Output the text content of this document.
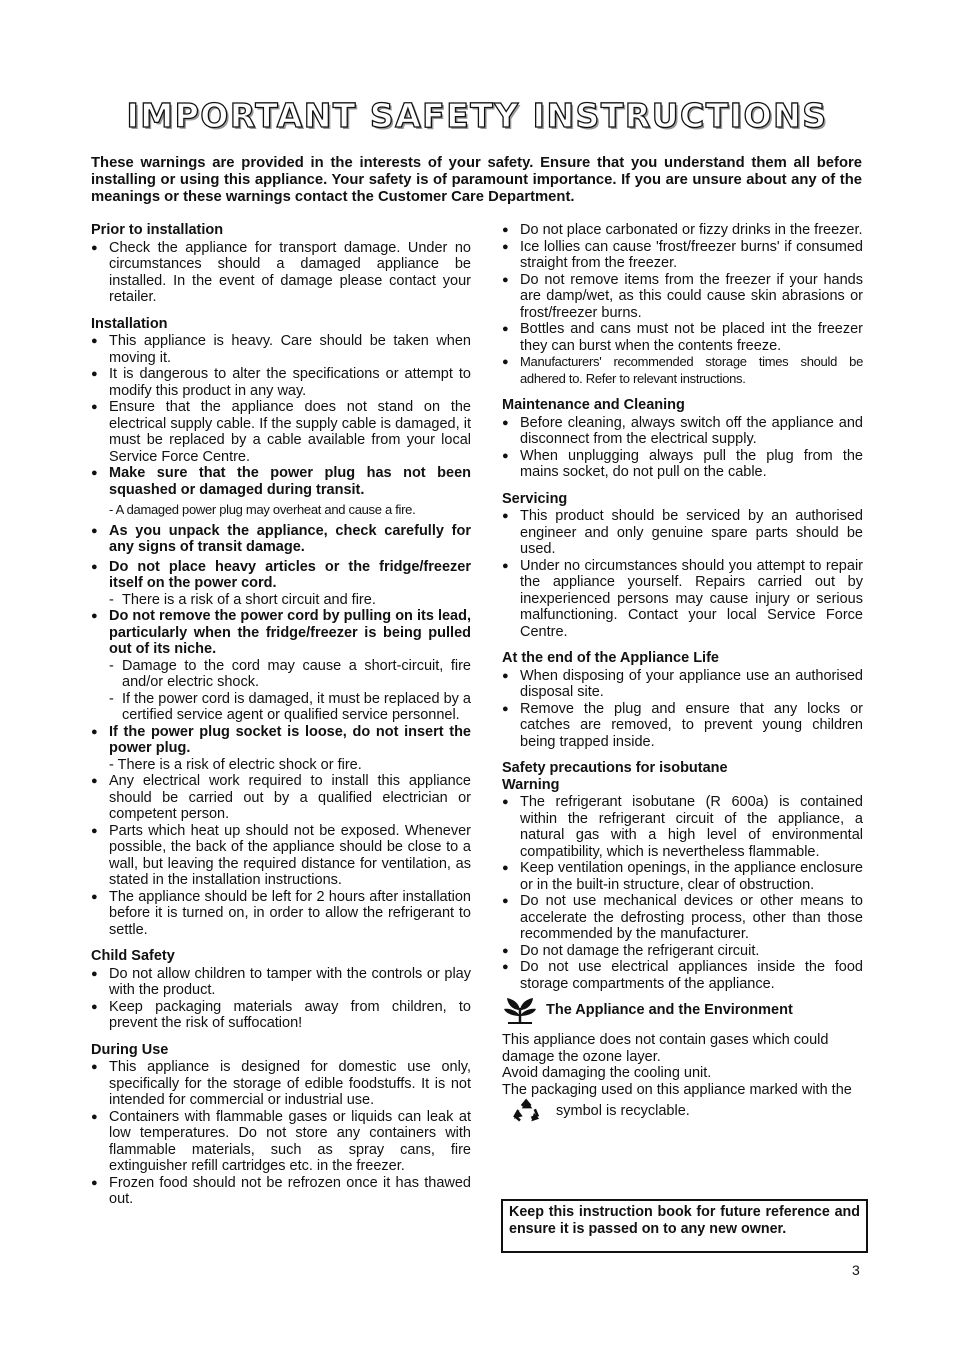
IMPORTANT SAFETY INSTRUCTIONS

These warnings are provided in the interests of your safety. Ensure that you understand them all before installing or using this appliance. Your safety is of paramount importance. If you are unsure about any of the meanings or these warnings contact the Customer Care Department.

Prior to installation
● Check the appliance for transport damage. Under no circumstances should a damaged appliance be installed. In the event of damage please contact your retailer.
Installation
● This appliance is heavy. Care should be taken when moving it.
● It is dangerous to alter the specifications or attempt to modify this product in any way.
● Ensure that the appliance does not stand on the electrical supply cable. If the supply cable is damaged, it must be replaced by a cable available from your local Service Force Centre.
● Make sure that the power plug has not been squashed or damaged during transit.
- A damaged power plug may overheat and cause a fire.
● As you unpack the appliance, check carefully for any signs of transit damage.
● Do not place heavy articles or the fridge/freezer itself on the power cord.
- There is a risk of a short circuit and fire.
● Do not remove the power cord by pulling on its lead, particularly when the fridge/freezer is being pulled out of its niche.
- Damage to the cord may cause a short-circuit, fire and/or electric shock.
- If the power cord is damaged, it must be replaced by a certified service agent or qualified service personnel.
● If the power plug socket is loose, do not insert the power plug.
- There is a risk of electric shock or fire.
● Any electrical work required to install this appliance should be carried out by a qualified electrician or competent person.
● Parts which heat up should not be exposed. Whenever possible, the back of the appliance should be close to a wall, but leaving the required distance for ventilation, as stated in the installation instructions.
● The appliance should be left for 2 hours after installation before it is turned on, in order to allow the refrigerant to settle.
Child Safety
● Do not allow children to tamper with the controls or play with the product.
● Keep packaging materials away from children, to prevent the risk of suffocation!
During Use
● This appliance is designed for domestic use only, specifically for the storage of edible foodstuffs. It is not intended for commercial or industrial use.
● Containers with flammable gases or liquids can leak at low temperatures. Do not store any containers with flammable materials, such as spray cans, fire extinguisher refill cartridges etc. in the freezer.
● Frozen food should not be refrozen once it has thawed out.
● Do not place carbonated or fizzy drinks in the freezer.
● Ice lollies can cause 'frost/freezer burns' if consumed straight from the freezer.
● Do not remove items from the freezer if your hands are damp/wet, as this could cause skin abrasions or frost/freezer burns.
● Bottles and cans must not be placed int the freezer they can burst when the contents freeze.
● Manufacturers' recommended storage times should be adhered to. Refer to relevant instructions.
Maintenance and Cleaning
● Before cleaning, always switch off the appliance and disconnect from the electrical supply.
● When unplugging always pull the plug from the mains socket, do not pull on the cable.
Servicing
● This product should be serviced by an authorised engineer and only genuine spare parts should be used.
● Under no circumstances should you attempt to repair the appliance yourself. Repairs carried out by inexperienced persons may cause injury or serious malfunctioning. Contact your local Service Force Centre.
At the end of the Appliance Life
● When disposing of your appliance use an authorised disposal site.
● Remove the plug and ensure that any locks or catches are removed, to prevent young children being trapped inside.
Safety precautions for isobutane
Warning
● The refrigerant isobutane (R 600a) is contained within the refrigerant circuit of the appliance, a natural gas with a high level of environmental compatibility, which is nevertheless flammable.
● Keep ventilation openings, in the appliance enclosure or in the built-in structure, clear of obstruction.
● Do not use mechanical devices or other means to accelerate the defrosting process, other than those recommended by the manufacturer.
● Do not damage the refrigerant circuit.
● Do not use electrical appliances inside the food storage compartments of the appliance.
The Appliance and the Environment

This appliance does not contain gases which could damage the ozone layer.

Avoid damaging the cooling unit.

The packaging used on this appliance marked with the  symbol is recyclable.

Keep this instruction book for future reference and ensure it is passed on to any new owner.
3
